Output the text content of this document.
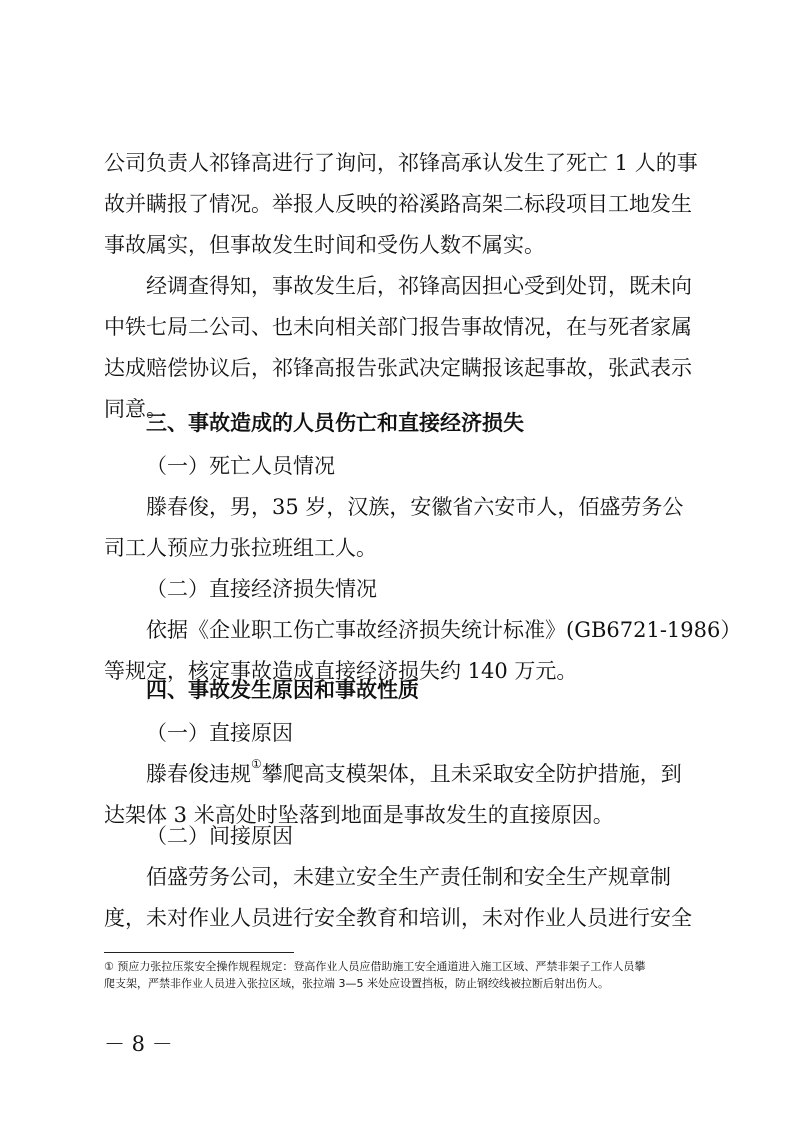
公司负责人祁锋高进行了询问，祁锋高承认发生了死亡 1 人的事
故并瞒报了情况。举报人反映的裕溪路高架二标段项目工地发生
事故属实，但事故发生时间和受伤人数不属实。

　　经调查得知，事故发生后，祁锋高因担心受到处罚，既未向
中铁七局二公司、也未向相关部门报告事故情况，在与死者家属
达成赔偿协议后，祁锋高报告张武决定瞒报该起事故，张武表示
同意。

三、事故造成的人员伤亡和直接经济损失

（一）死亡人员情况

　　滕春俊，男，35 岁，汉族，安徽省六安市人，佰盛劳务公
司工人预应力张拉班组工人。

（二）直接经济损失情况

　　依据《企业职工伤亡事故经济损失统计标准》(GB6721-1986）
等规定，核定事故造成直接经济损失约 140 万元。

四、事故发生原因和事故性质

（一）直接原因

　　滕春俊违规①攀爬高支模架体，且未采取安全防护措施，到
达架体 3 米高处时坠落到地面是事故发生的直接原因。

（二）间接原因

　　佰盛劳务公司，未建立安全生产责任制和安全生产规章制
度，未对作业人员进行安全教育和培训，未对作业人员进行安全

① 预应力张拉压浆安全操作规程规定：登高作业人员应借助施工安全通道进入施工区域、严禁非架子工作人员攀
爬支架，严禁非作业人员进入张拉区域，张拉端 3—5 米处应设置挡板，防止钢绞线被拉断后射出伤人。

－ 8 －
